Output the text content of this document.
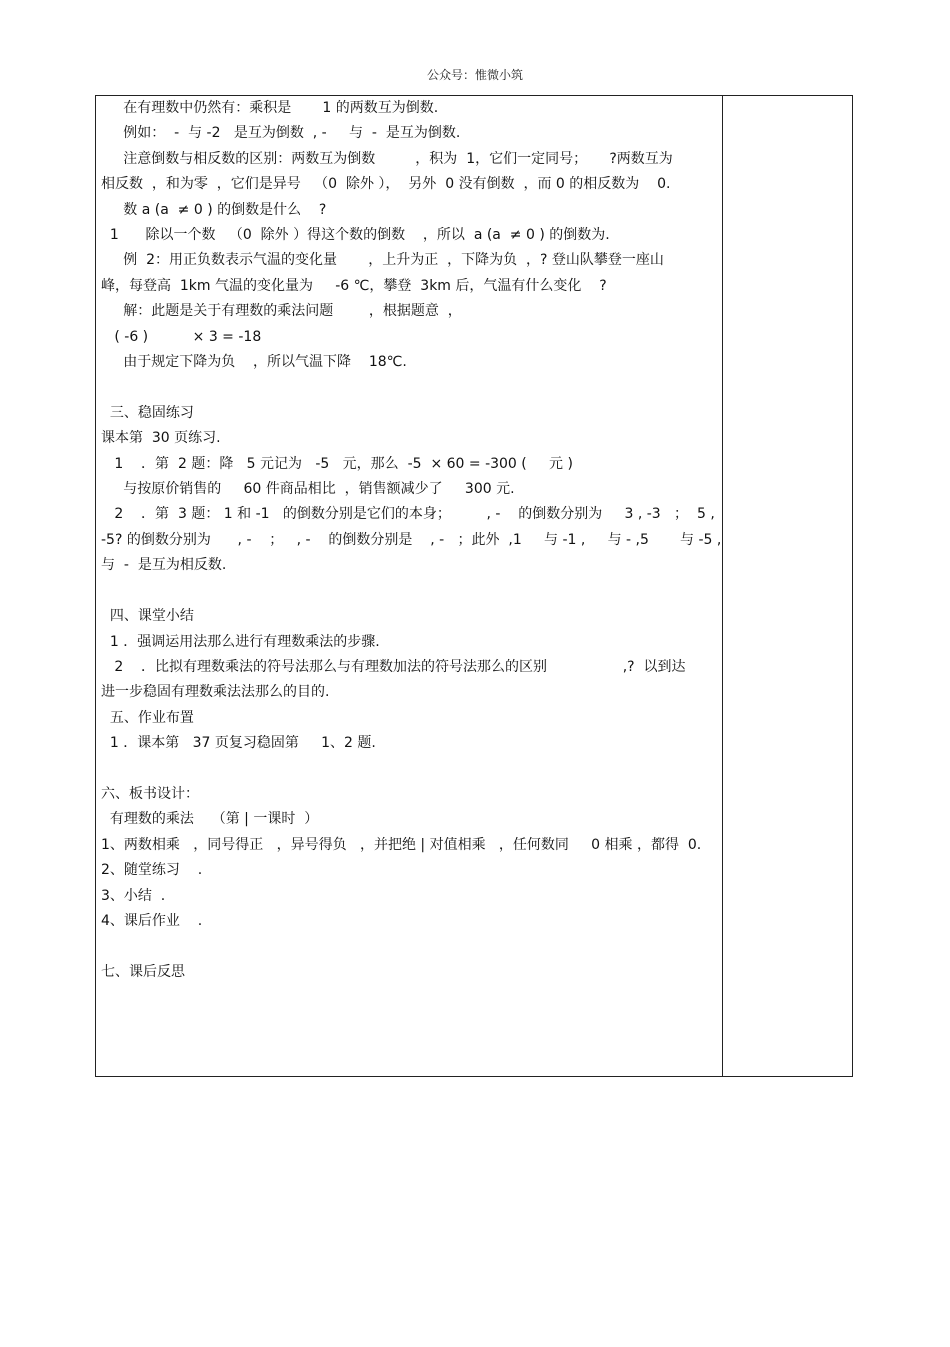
公众号：惟微小筑

在有理数中仍然有：乘积是       1 的两数互为倒数.

例如：  -  与 -2   是互为倒数  , -     与  -  是互为倒数.

注意倒数与相反数的区别：两数互为倒数         ，积为  1，它们一定同号；     ?两数互为

相反数  ，和为零  ，它们是异号   （0  除外 ），  另外  0 没有倒数  ，而 0 的相反数为    0.

数 a (a  ≠ 0 ) 的倒数是什么    ?

1      除以一个数   （0  除外 ）得这个数的倒数    ，所以  a (a  ≠ 0 ) 的倒数为.

例  2：用正负数表示气温的变化量       ，上升为正  ，下降为负  ，? 登山队攀登一座山

峰，每登高  1km 气温的变化量为     -6 ℃，攀登  3km 后，气温有什么变化    ?

解：此题是关于有理数的乘法问题        ，根据题意  ，

( -6 )          × 3 = -18

由于规定下降为负    ，所以气温下降    18℃.

三、稳固练习

课本第  30 页练习.

1    ．第  2 题：降   5 元记为   -5   元，那么  -5  × 60 = -300 (     元 )

与按原价销售的     60 件商品相比  ，销售额减少了     300 元.

2    ．第  3 题： 1 和 -1   的倒数分别是它们的本身；        , -    的倒数分别为     3 , -3   ；  5 ,

-5? 的倒数分别为      , -    ；   , -    的倒数分别是    , -   ；此外  ,1     与 -1 ,     与 - ,5       与 -5 ,

与  -  是互为相反数.

四、课堂小结

1 ．强调运用法那么进行有理数乘法的步骤.

2    ．比拟有理数乘法的符号法那么与有理数加法的符号法那么的区别                 ,?  以到达

进一步稳固有理数乘法法那么的目的.

五、作业布置

1 ．课本第   37 页复习稳固第     1、2 题.

六、板书设计：

有理数的乘法    （第 | 一课时  ）

1、两数相乘   ，同号得正   ，异号得负   ，并把绝 | 对值相乘   ，任何数同     0 相乘 ，都得  0.

2、随堂练习    .

3、小结  .

4、课后作业    .

七、课后反思
